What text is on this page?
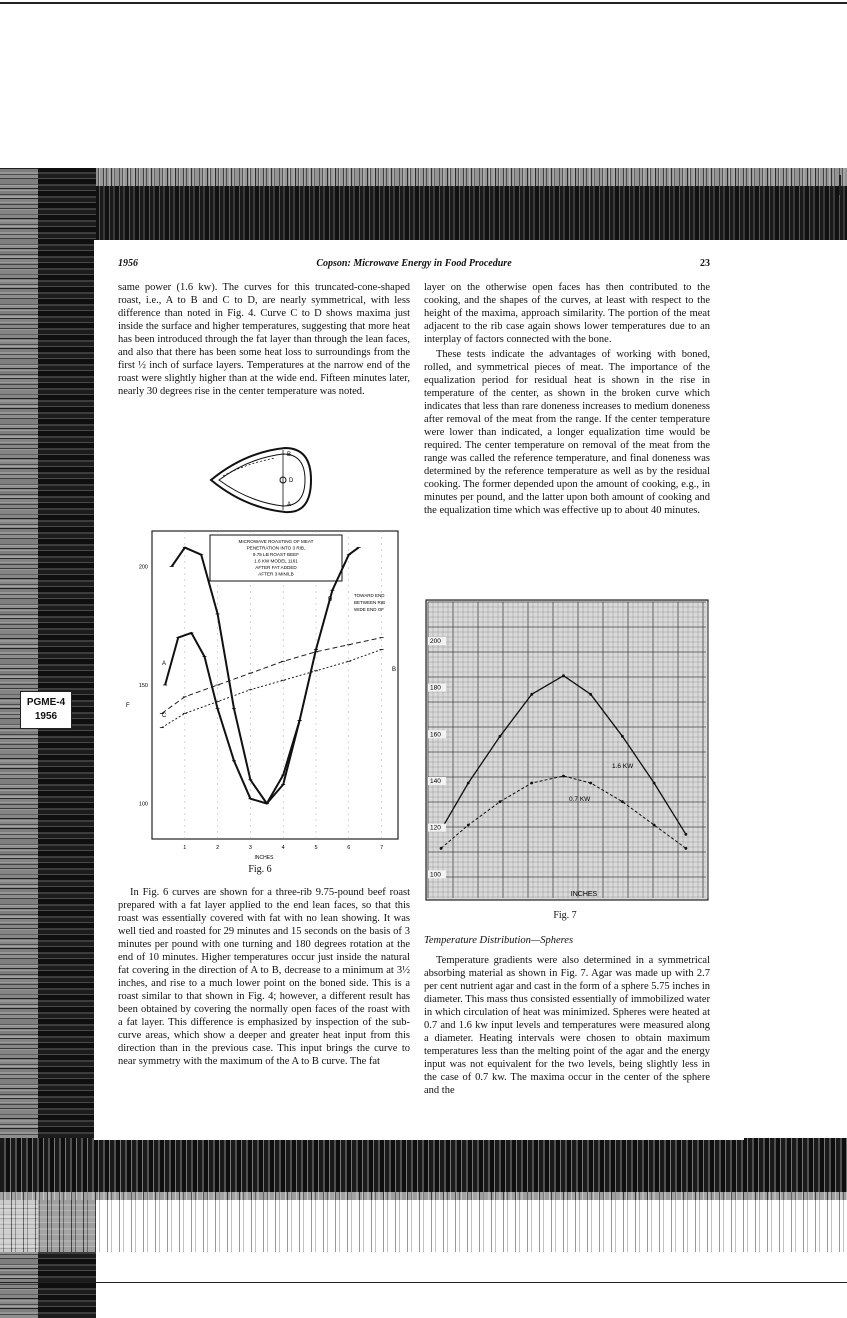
1956	Copson: Microwave Energy in Food Procedure	23
PGME-4
1956

same power (1.6 kw). The curves for this truncated-cone-shaped roast, i.e., A to B and C to D, are nearly symmetrical, with less difference than noted in Fig. 4. Curve C to D shows maxima just inside the surface and higher temperatures, suggesting that more heat has been introduced through the fat layer than through the lean faces, and also that there has been some heat loss to surroundings from the first ½ inch of surface layers. Temperatures at the narrow end of the roast were slightly higher than at the wide end. Fifteen minutes later, nearly 30 degrees rise in the center temperature was noted.

layer on the otherwise open faces has then contributed to the cooking, and the shapes of the curves, at least with respect to the height of the maxima, approach similarity. The portion of the meat adjacent to the rib case again shows lower temperatures due to an interplay of factors connected with the bone.

These tests indicate the advantages of working with boned, rolled, and symmetrical pieces of meat. The importance of the equalization period for residual heat is shown in the rise in temperature of the center, as shown in the broken curve which indicates that less than rare doneness increases to medium doneness after removal of the meat from the range. If the center temperature were lower than indicated, a longer equalization time would be required. The center temperature on removal of the meat from the range was called the reference temperature, and final doneness was determined by the reference temperature as well as by the residual cooking. The former depended upon the amount of cooking, e.g., in minutes per pound, and the latter upon both amount of cooking and the equalization time which was effective up to about 40 minutes.

B
D
A
MICROWAVE ROASTING OF MEAT
PENETRATION INTO 3 RIB,
9.75 LB ROAST BEEF
1.6 KW MODEL 1161
AFTER FAT ADDED
AFTER 3 MIN/LB
TOWARD END
BETWEEN RIB
WIDE END OF
100
150
200
1	2	3	4	5	6	7
F
INCHES
A
B
C
D
Fig. 6	100
120
140
160
180
200
INCHES
1.6 KW
0.7 KW
Fig. 7

In Fig. 6 curves are shown for a three-rib 9.75-pound beef roast prepared with a fat layer applied to the end lean faces, so that this roast was essentially covered with fat with no lean showing. It was well tied and roasted for 29 minutes and 15 seconds on the basis of 3 minutes per pound with one turning and 180 degrees rotation at the end of 10 minutes. Higher temperatures occur just inside the natural fat covering in the direction of A to B, decrease to a minimum at 3½ inches, and rise to a much lower point on the boned side. This is a roast similar to that shown in Fig. 4; however, a different result has been obtained by covering the normally open faces of the roast with a fat layer. This difference is emphasized by inspection of the sub-curve areas, which show a deeper and greater heat input from this direction than in the previous case. This input brings the curve to near symmetry with the maximum of the A to B curve. The fat

Temperature Distribution—Spheres

Temperature gradients were also determined in a symmetrical absorbing material as shown in Fig. 7. Agar was made up with 2.7 per cent nutrient agar and cast in the form of a sphere 5.75 inches in diameter. This mass thus consisted essentially of immobilized water in which circulation of heat was minimized. Spheres were heated at 0.7 and 1.6 kw input levels and temperatures were measured along a diameter. Heating intervals were chosen to obtain maximum temperatures less than the melting point of the agar and the energy input was not equivalent for the two levels, being slightly less in the case of 0.7 kw. The maxima occur in the center of the sphere and the
